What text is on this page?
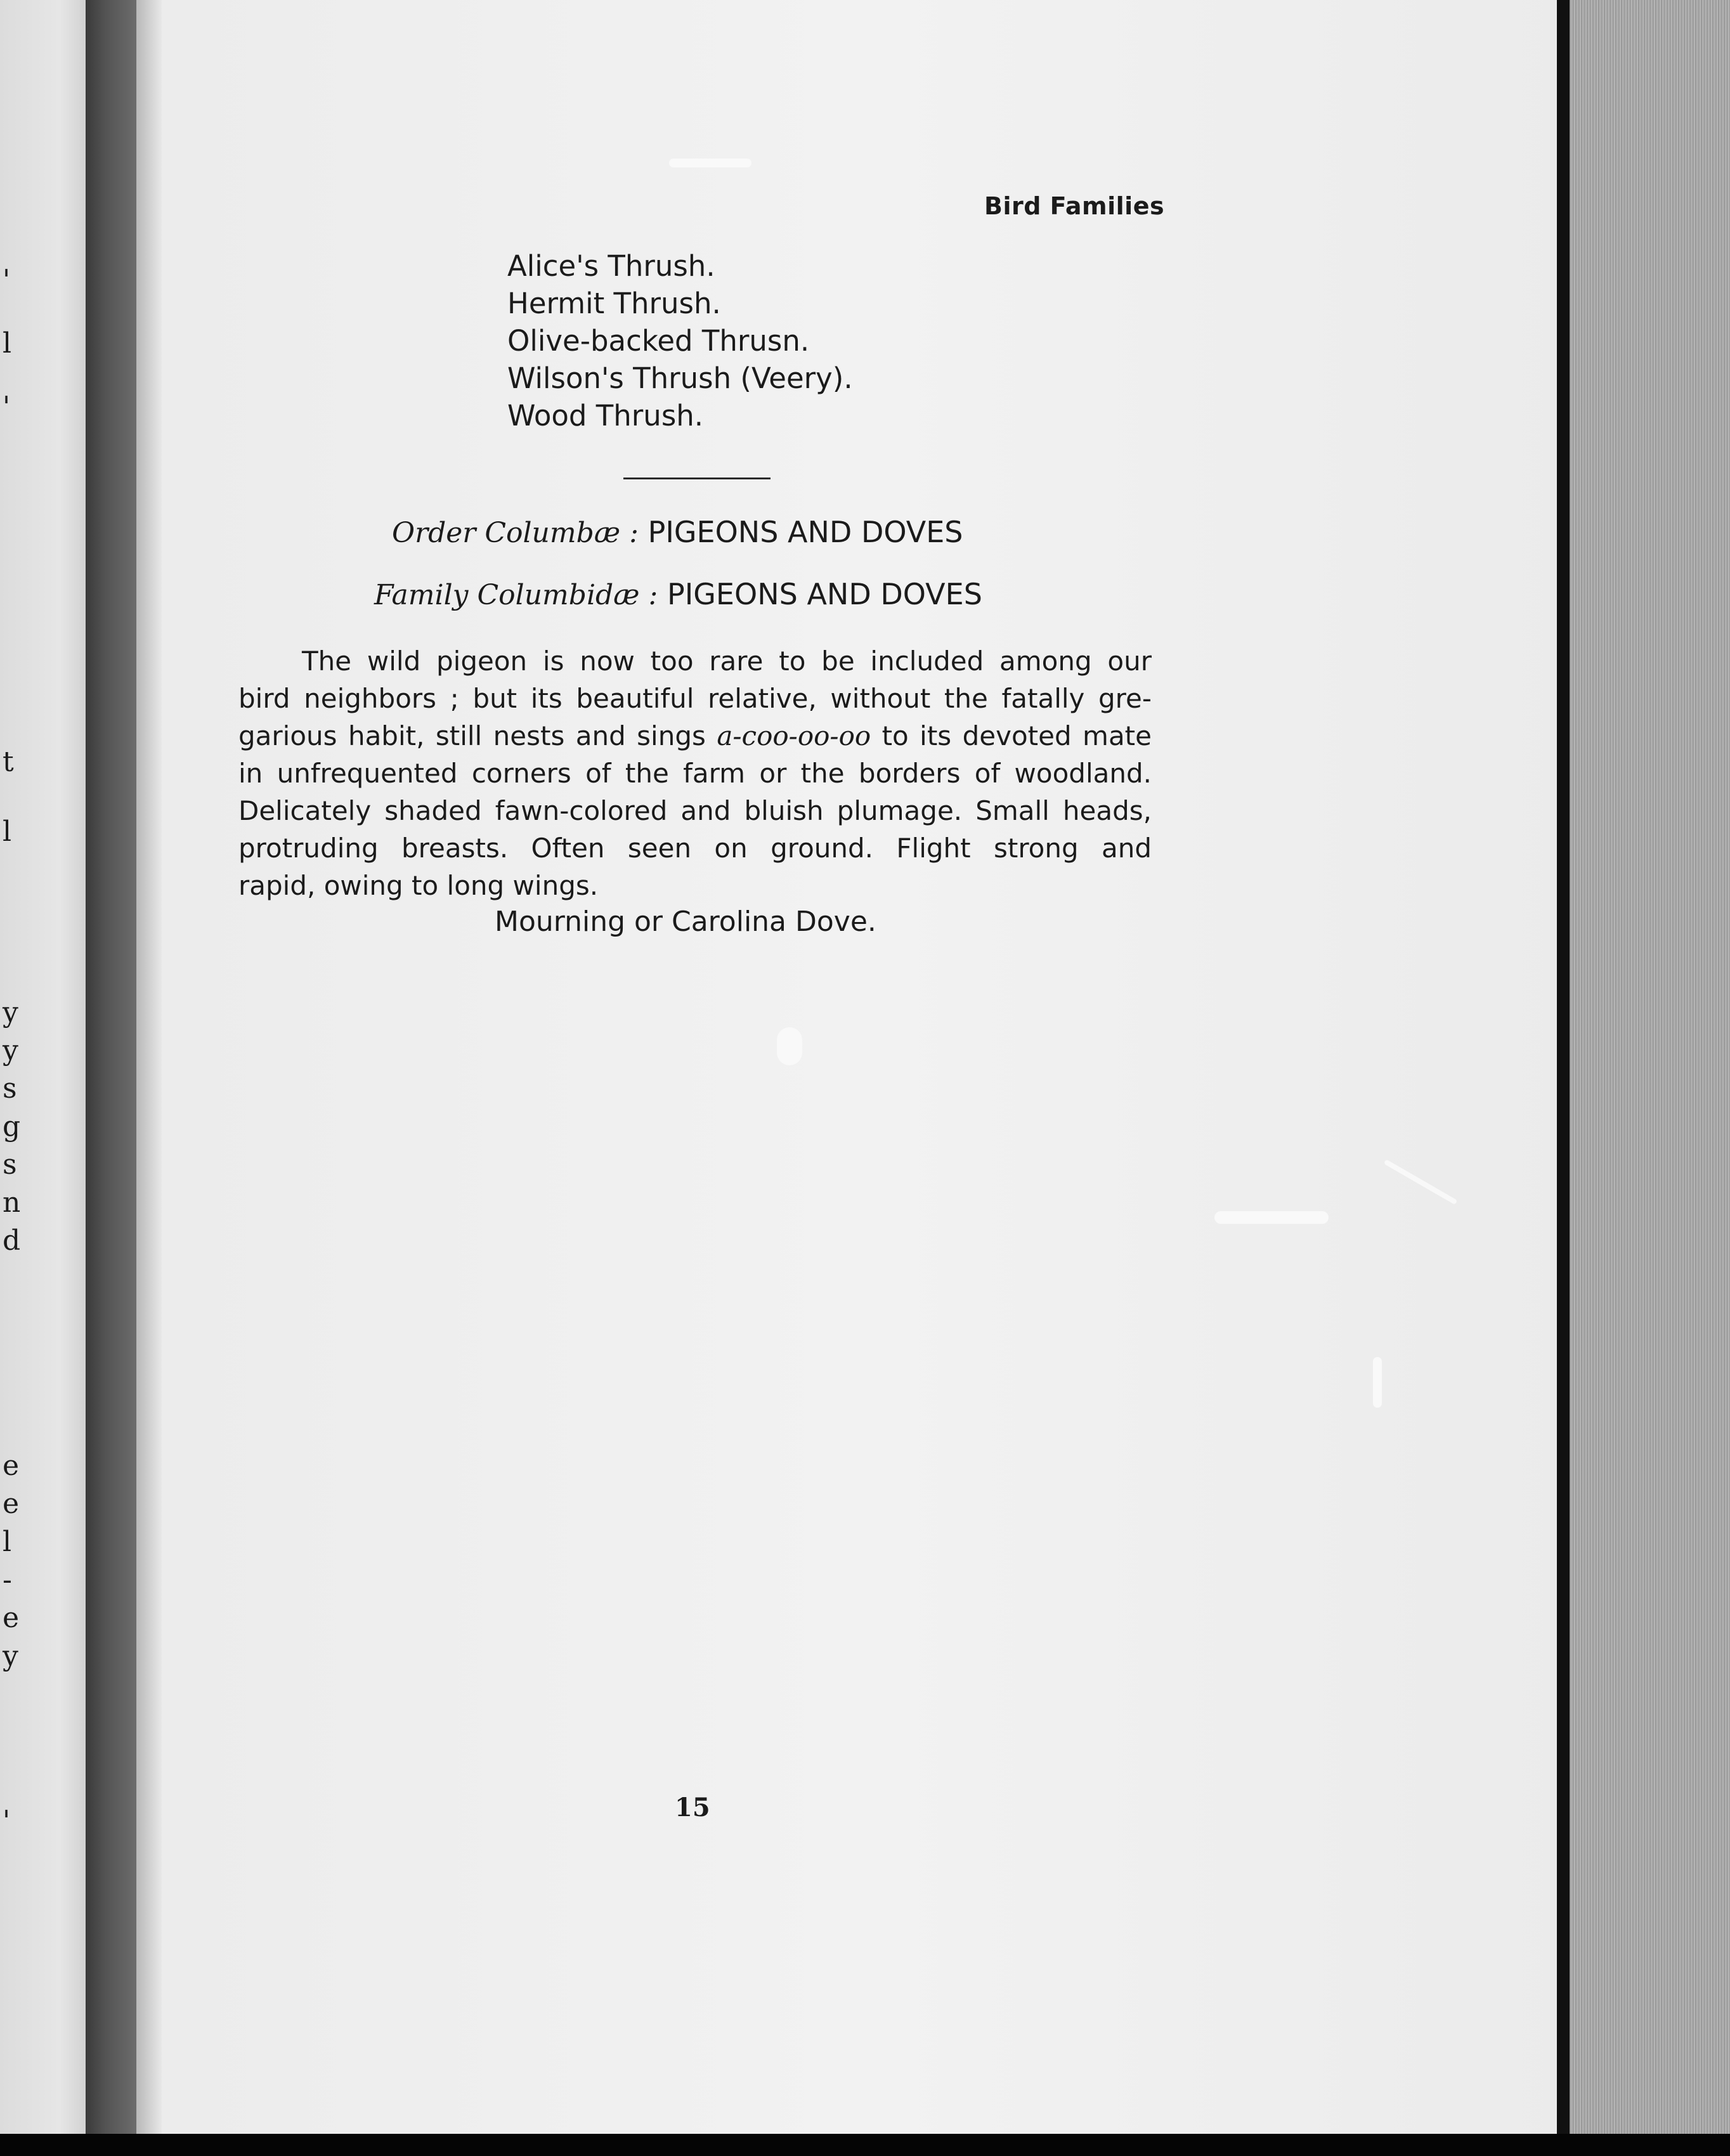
'
l
'
t
l
y
y
s
g
s
n
d
e
e
l
-
e
y
'
Bird Families
Alice's Thrush.
Hermit Thrush.
Olive-backed Thrusn.
Wilson's Thrush (Veery).
Wood Thrush.
Order Columbæ : PIGEONS AND DOVES
Family Columbidæ : PIGEONS AND DOVES

The wild pigeon is now too rare to be included among our
bird neighbors ; but its beautiful relative, without the fatally gre-
garious habit, still nests and sings a-coo-oo-oo to its devoted mate
in unfrequented corners of the farm or the borders of woodland.
Delicately shaded fawn-colored and bluish plumage. Small heads,
protruding breasts. Often seen on ground. Flight strong and
rapid, owing to long wings.

Mourning or Carolina Dove.
15
